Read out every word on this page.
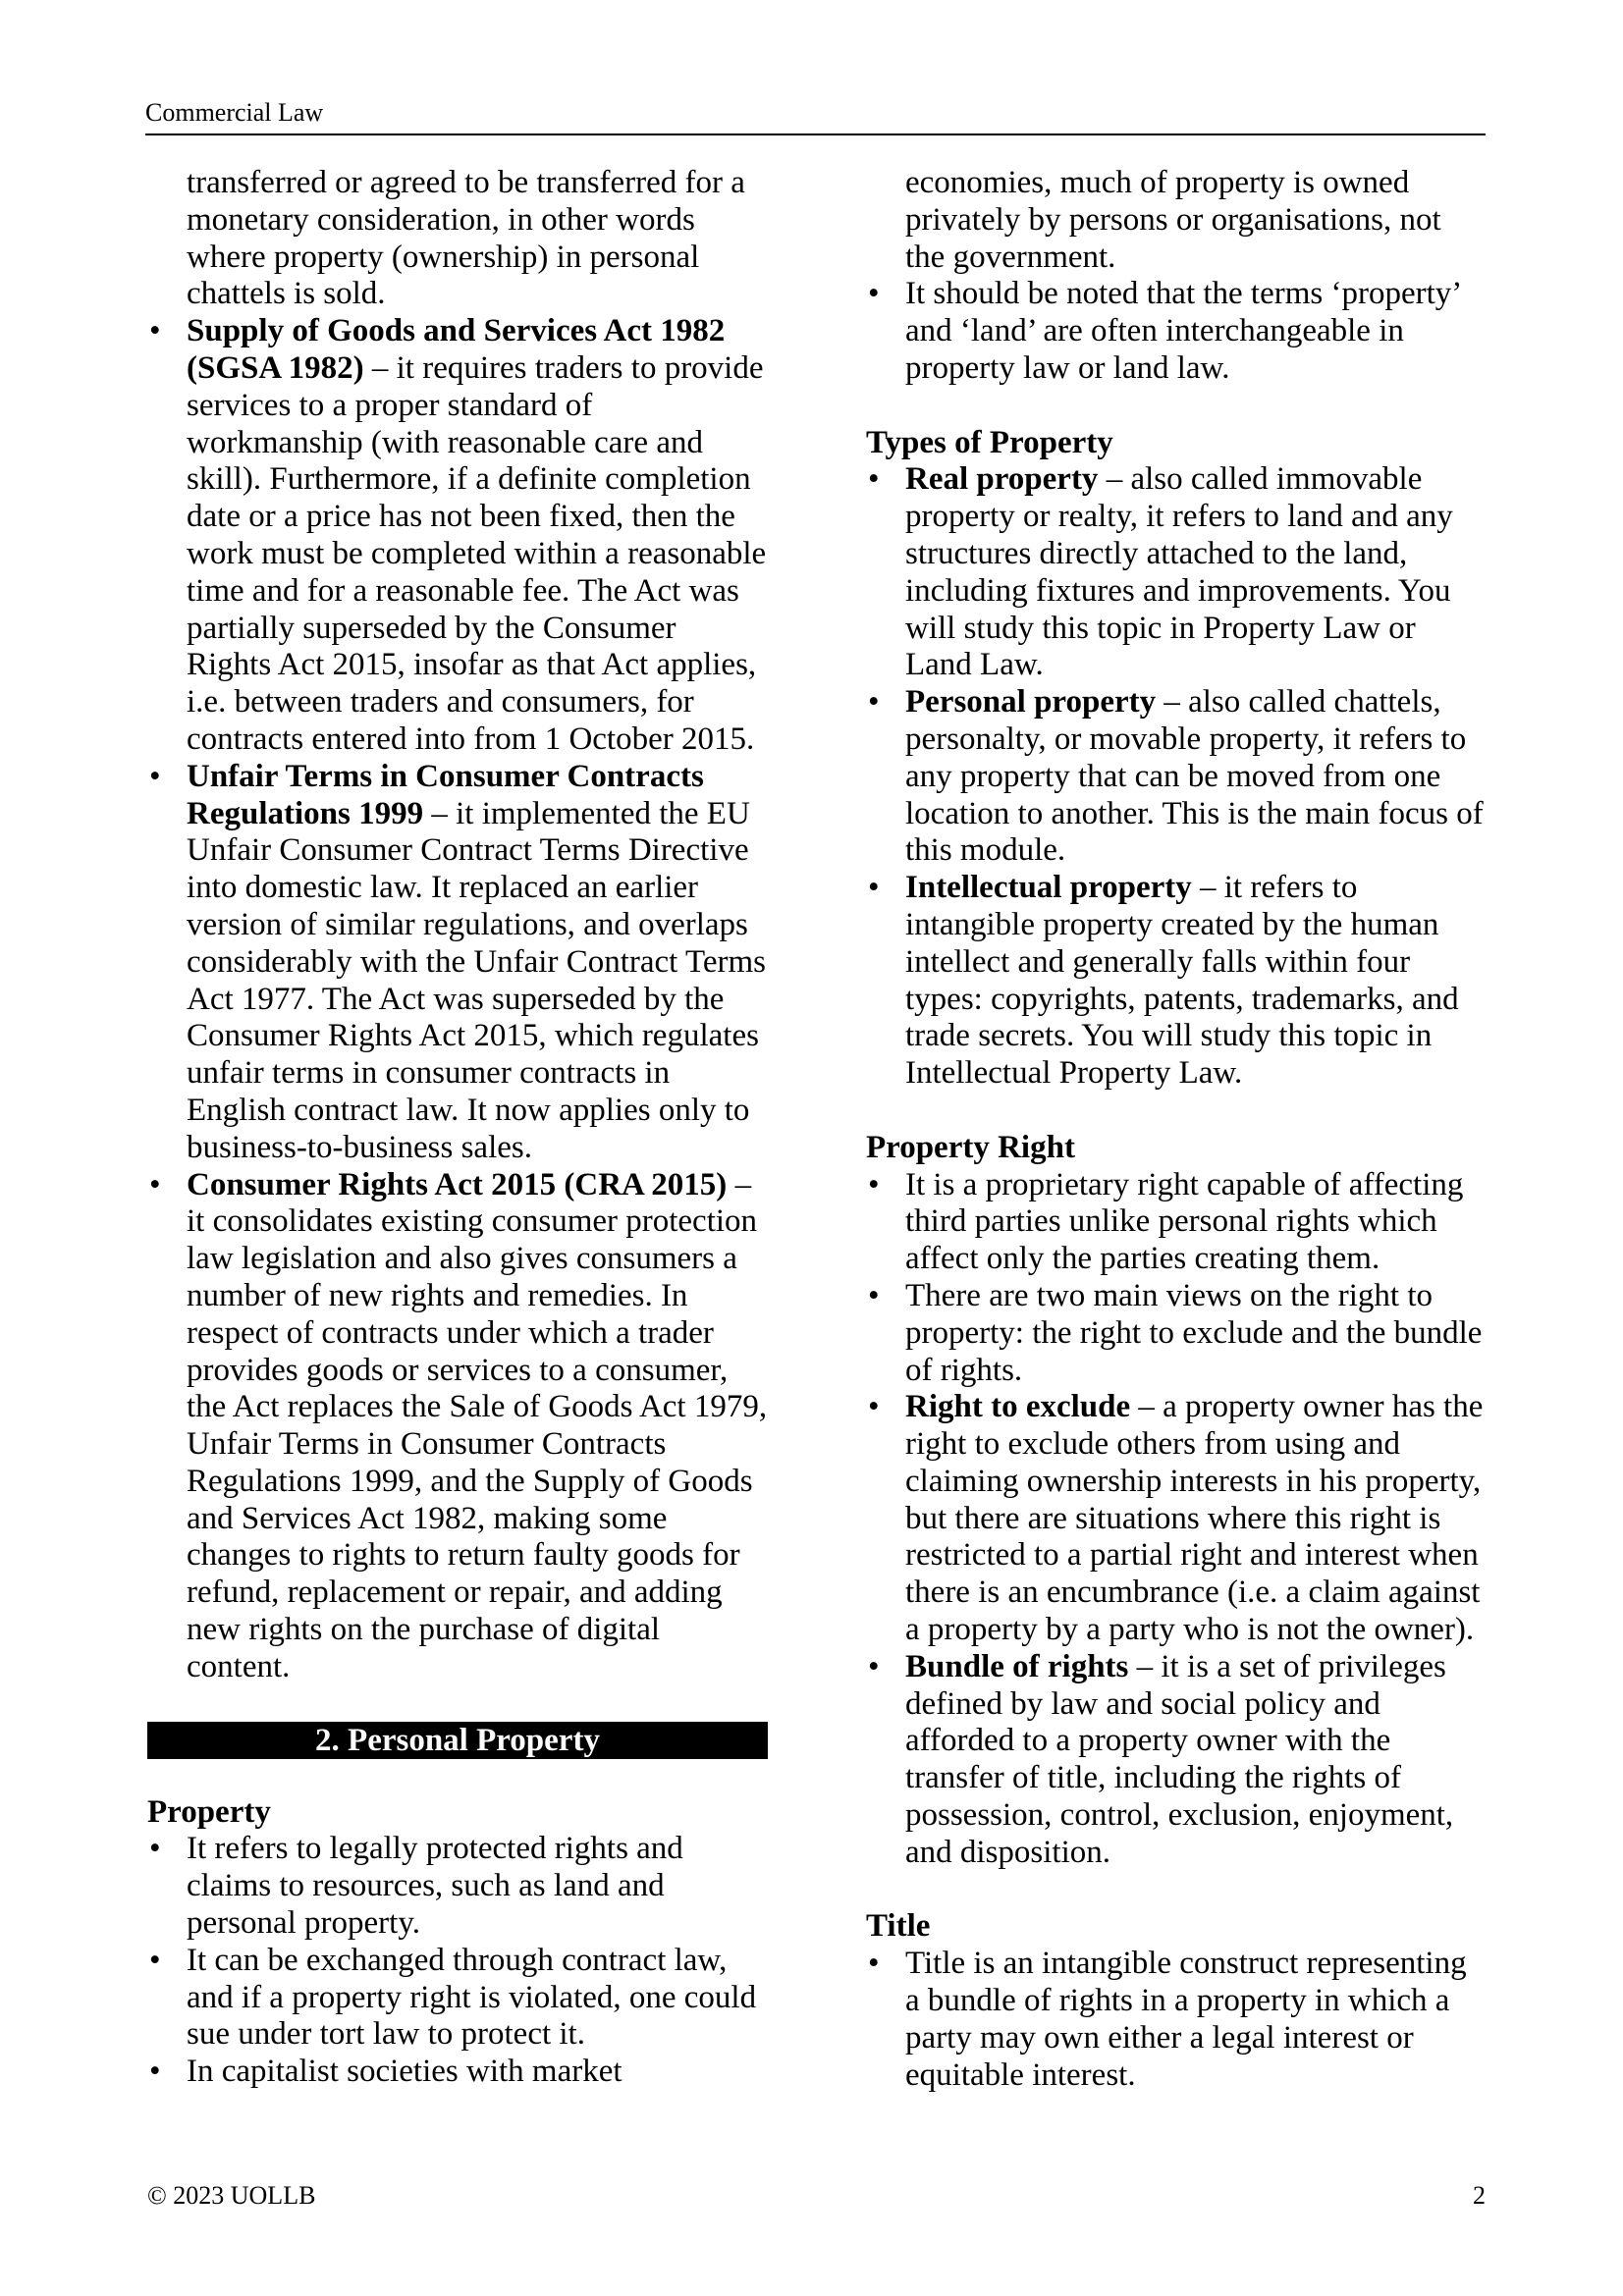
Commercial Law
transferred or agreed to be transferred for a monetary consideration, in other words where property (ownership) in personal chattels is sold.
• Supply of Goods and Services Act 1982 (SGSA 1982) – it requires traders to provide services to a proper standard of workmanship (with reasonable care and skill). Furthermore, if a definite completion date or a price has not been fixed, then the work must be completed within a reasonable time and for a reasonable fee. The Act was partially superseded by the Consumer Rights Act 2015, insofar as that Act applies, i.e. between traders and consumers, for contracts entered into from 1 October 2015.
• Unfair Terms in Consumer Contracts Regulations 1999 – it implemented the EU Unfair Consumer Contract Terms Directive into domestic law. It replaced an earlier version of similar regulations, and overlaps considerably with the Unfair Contract Terms Act 1977. The Act was superseded by the Consumer Rights Act 2015, which regulates unfair terms in consumer contracts in English contract law. It now applies only to business-to-business sales.
• Consumer Rights Act 2015 (CRA 2015) – it consolidates existing consumer protection law legislation and also gives consumers a number of new rights and remedies. In respect of contracts under which a trader provides goods or services to a consumer, the Act replaces the Sale of Goods Act 1979, Unfair Terms in Consumer Contracts Regulations 1999, and the Supply of Goods and Services Act 1982, making some changes to rights to return faulty goods for refund, replacement or repair, and adding new rights on the purchase of digital content.
2. Personal Property
Property
• It refers to legally protected rights and claims to resources, such as land and personal property.
• It can be exchanged through contract law, and if a property right is violated, one could sue under tort law to protect it.
• In capitalist societies with market
economies, much of property is owned privately by persons or organisations, not the government.
• It should be noted that the terms ‘property’ and ‘land’ are often interchangeable in property law or land law.
Types of Property
• Real property – also called immovable property or realty, it refers to land and any structures directly attached to the land, including fixtures and improvements. You will study this topic in Property Law or Land Law.
• Personal property – also called chattels, personalty, or movable property, it refers to any property that can be moved from one location to another. This is the main focus of this module.
• Intellectual property – it refers to intangible property created by the human intellect and generally falls within four types: copyrights, patents, trademarks, and trade secrets. You will study this topic in Intellectual Property Law.
Property Right
• It is a proprietary right capable of affecting third parties unlike personal rights which affect only the parties creating them.
• There are two main views on the right to property: the right to exclude and the bundle of rights.
• Right to exclude – a property owner has the right to exclude others from using and claiming ownership interests in his property, but there are situations where this right is restricted to a partial right and interest when there is an encumbrance (i.e. a claim against a property by a party who is not the owner).
• Bundle of rights – it is a set of privileges defined by law and social policy and afforded to a property owner with the transfer of title, including the rights of possession, control, exclusion, enjoyment, and disposition.
Title
• Title is an intangible construct representing a bundle of rights in a property in which a party may own either a legal interest or equitable interest.
© 2023 UOLLB	2
